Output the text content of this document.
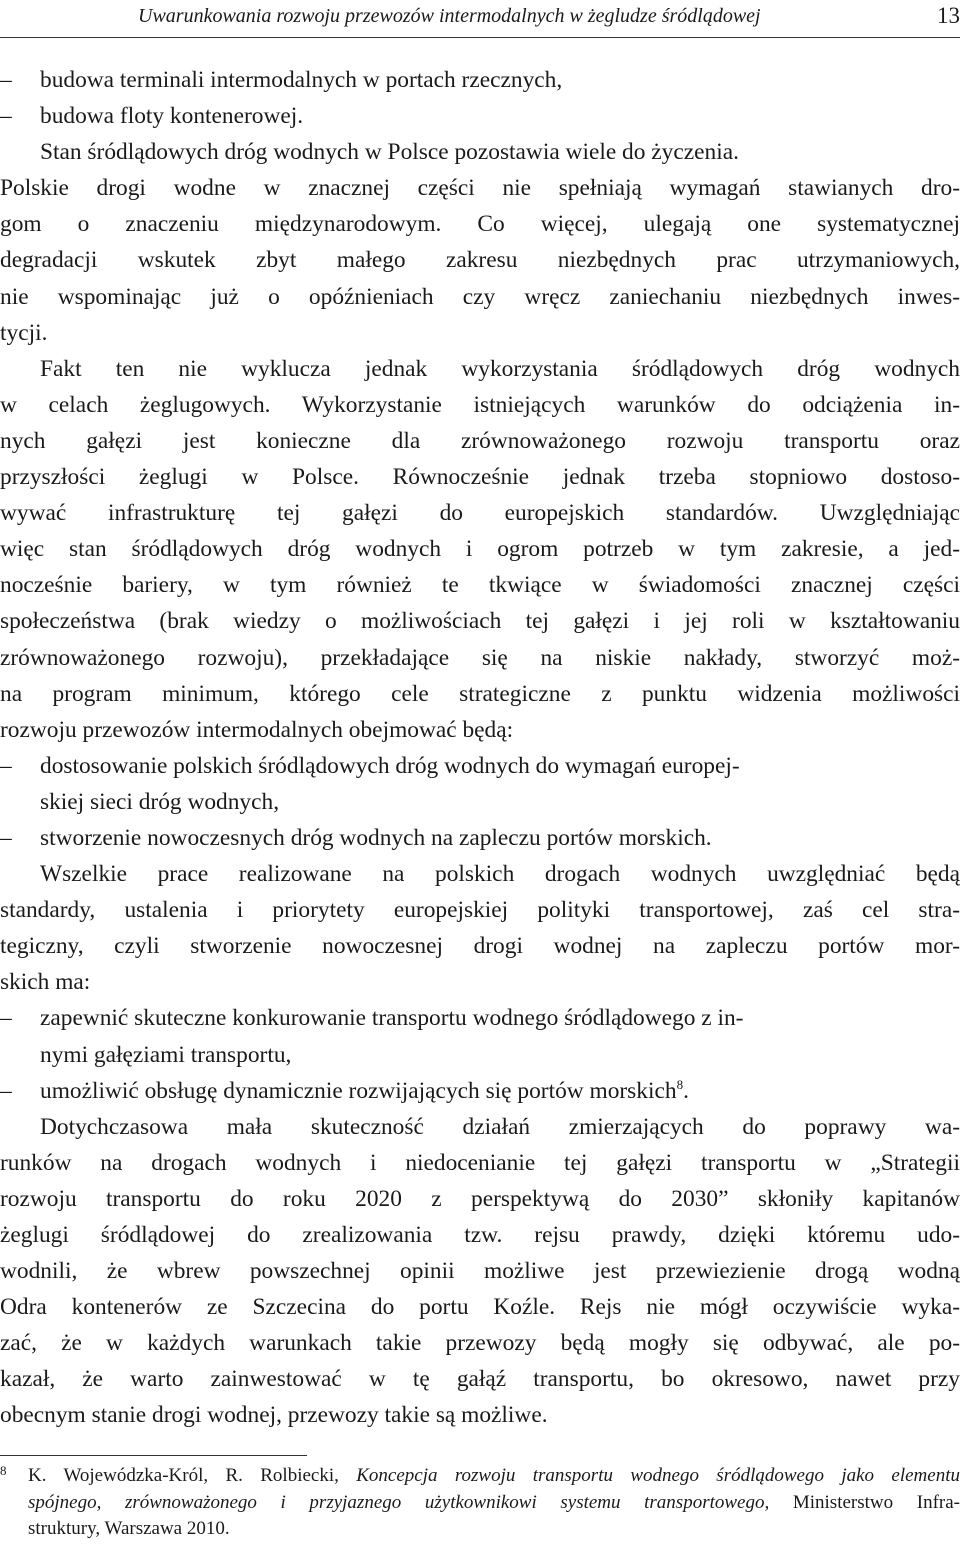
Uwarunkowania rozwoju przewozów intermodalnych w żegludze śródlądowej	13
– budowa terminali intermodalnych w portach rzecznych,
– budowa floty kontenerowej.
Stan śródlądowych dróg wodnych w Polsce pozostawia wiele do życzenia.
Polskie drogi wodne w znacznej części nie spełniają wymagań stawianych dro-
gom o znaczeniu międzynarodowym. Co więcej, ulegają one systematycznej
degradacji wskutek zbyt małego zakresu niezbędnych prac utrzymaniowych,
nie wspominając już o opóźnieniach czy wręcz zaniechaniu niezbędnych inwes-
tycji.
Fakt ten nie wyklucza jednak wykorzystania śródlądowych dróg wodnych
w celach żeglugowych. Wykorzystanie istniejących warunków do odciążenia in-
nych gałęzi jest konieczne dla zrównoważonego rozwoju transportu oraz
przyszłości żeglugi w Polsce. Równocześnie jednak trzeba stopniowo dostoso-
wywać infrastrukturę tej gałęzi do europejskich standardów. Uwzględniając
więc stan śródlądowych dróg wodnych i ogrom potrzeb w tym zakresie, a jed-
nocześnie bariery, w tym również te tkwiące w świadomości znacznej części
społeczeństwa (brak wiedzy o możliwościach tej gałęzi i jej roli w kształtowaniu
zrównoważonego rozwoju), przekładające się na niskie nakłady, stworzyć moż-
na program minimum, którego cele strategiczne z punktu widzenia możliwości
rozwoju przewozów intermodalnych obejmować będą:
– dostosowanie polskich śródlądowych dróg wodnych do wymagań europej-
skiej sieci dróg wodnych,
– stworzenie nowoczesnych dróg wodnych na zapleczu portów morskich.
Wszelkie prace realizowane na polskich drogach wodnych uwzględniać będą
standardy, ustalenia i priorytety europejskiej polityki transportowej, zaś cel stra-
tegiczny, czyli stworzenie nowoczesnej drogi wodnej na zapleczu portów mor-
skich ma:
– zapewnić skuteczne konkurowanie transportu wodnego śródlądowego z in-
nymi gałęziami transportu,
– umożliwić obsługę dynamicznie rozwijających się portów morskich$^8$.
Dotychczasowa mała skuteczność działań zmierzających do poprawy wa-
runków na drogach wodnych i niedocenianie tej gałęzi transportu w „Strategii
rozwoju transportu do roku 2020 z perspektywą do 2030” skłoniły kapitanów
żeglugi śródlądowej do zrealizowania tzw. rejsu prawdy, dzięki któremu udo-
wodnili, że wbrew powszechnej opinii możliwe jest przewiezienie drogą wodną
Odra kontenerów ze Szczecina do portu Koźle. Rejs nie mógł oczywiście wyka-
zać, że w każdych warunkach takie przewozy będą mogły się odbywać, ale po-
kazał, że warto zainwestować w tę gałąź transportu, bo okresowo, nawet przy
obecnym stanie drogi wodnej, przewozy takie są możliwe.
8 K. Wojewódzka-Król, R. Rolbiecki, Koncepcja rozwoju transportu wodnego śródlądowego jako elementu
spójnego, zrównoważonego i przyjaznego użytkownikowi systemu transportowego, Ministerstwo Infra-
struktury, Warszawa 2010.
